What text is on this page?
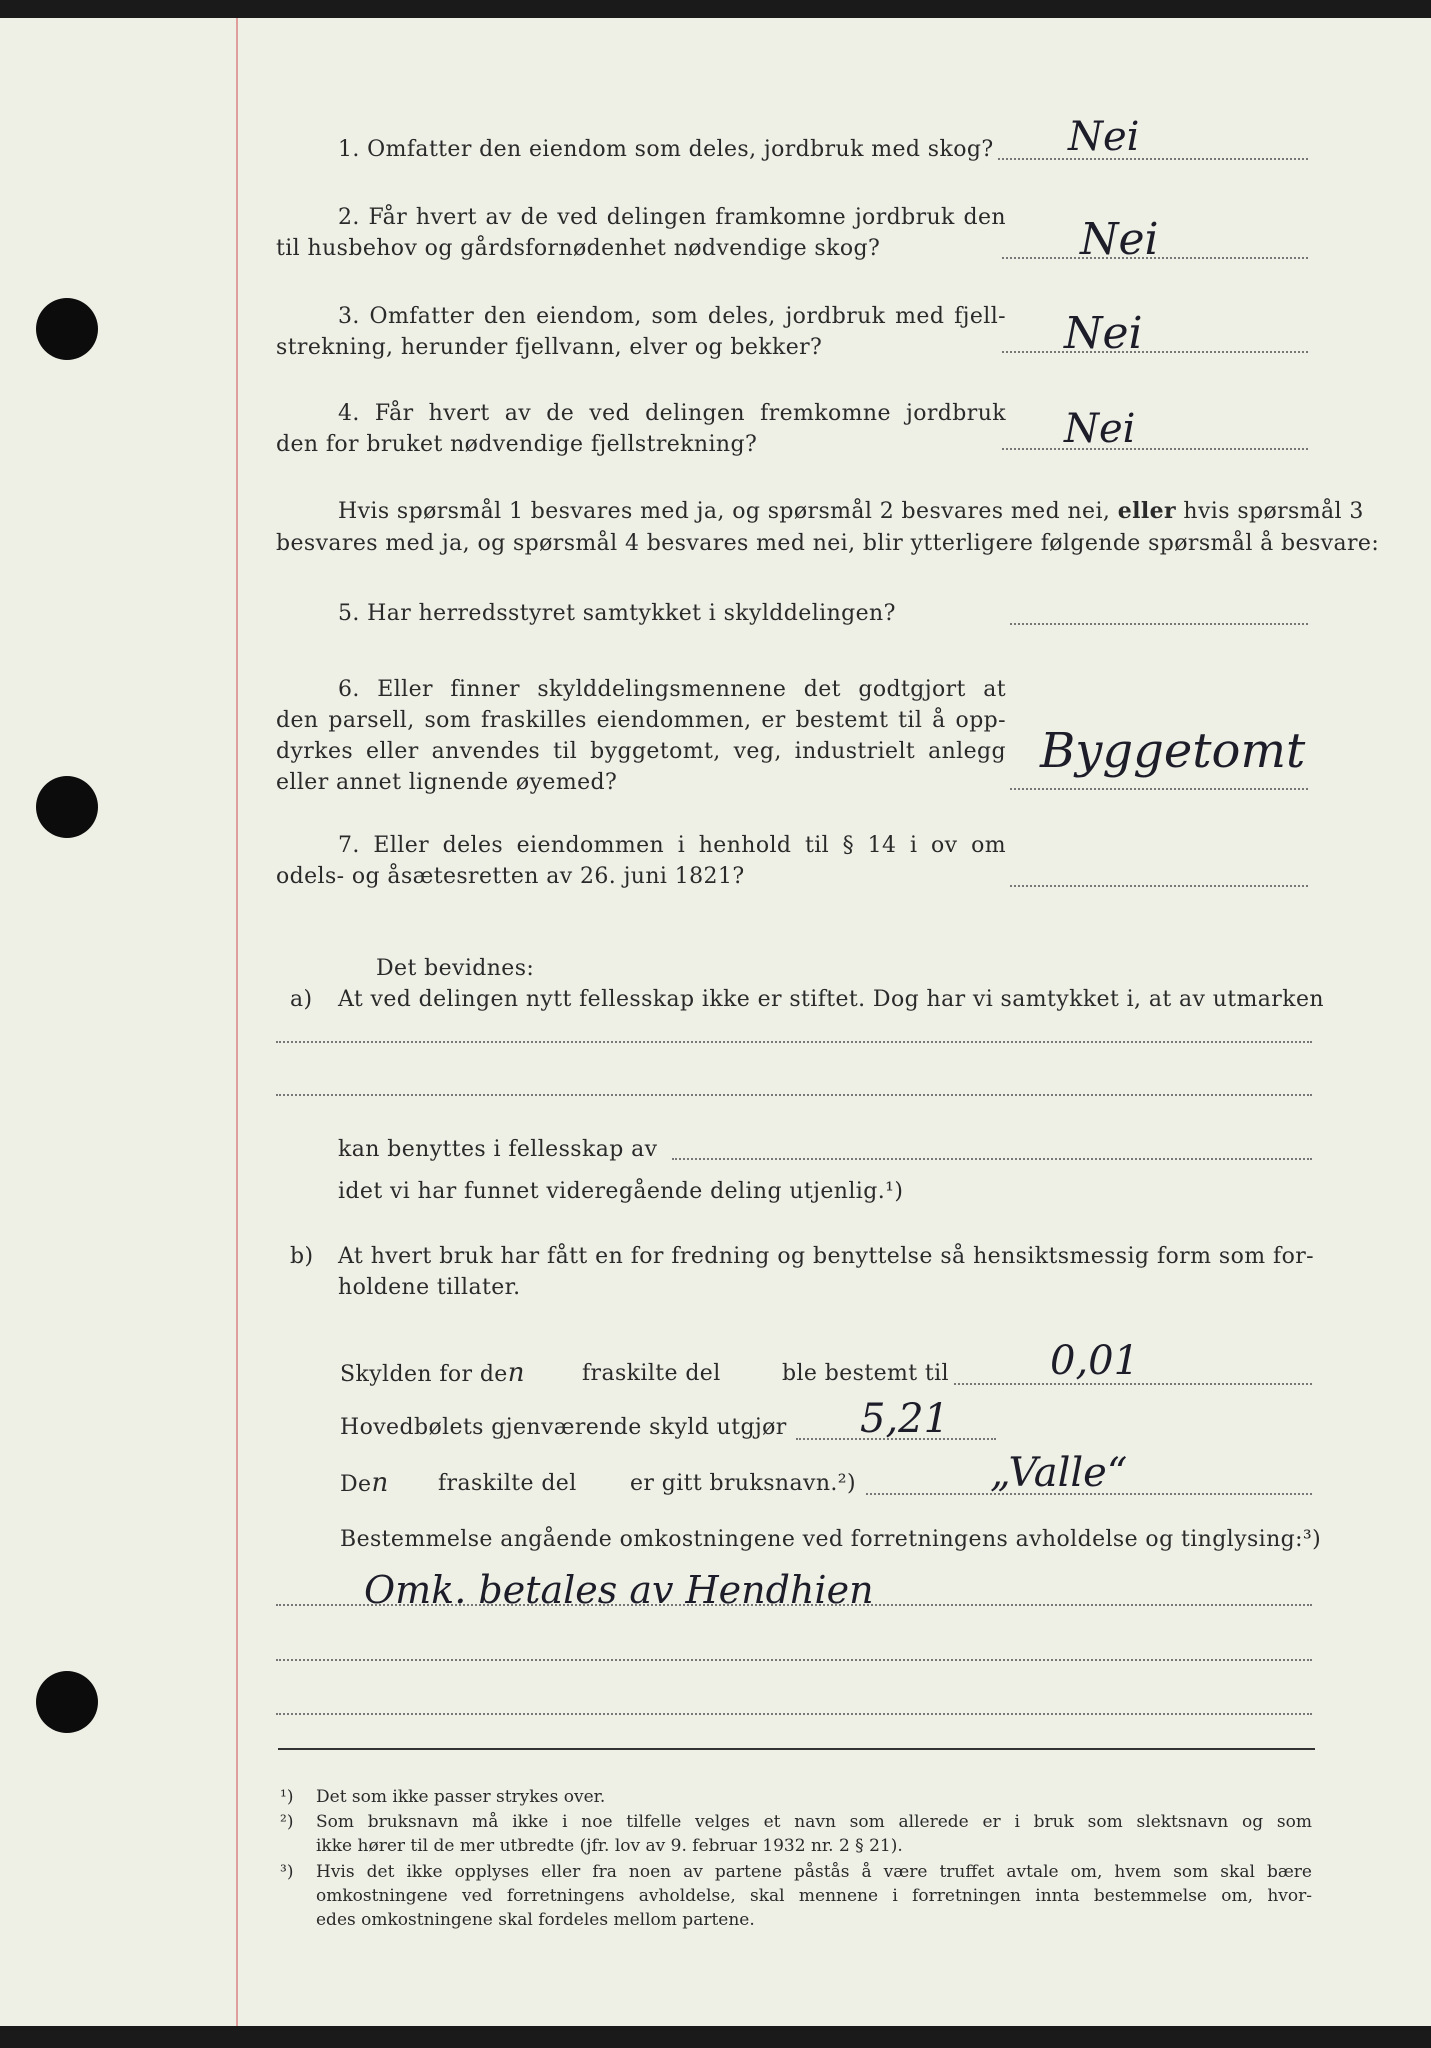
1. Omfatter den eiendom som deles, jordbruk med skog? Nei
2. Får hvert av de ved delingen framkomne jordbruk den
til husbehov og gårdsfornødenhet nødvendige skog?	Nei
3. Omfatter den eiendom, som deles, jordbruk med fjell-
strekning, herunder fjellvann, elver og bekker?	Nei
4. Får hvert av de ved delingen fremkomne jordbruk
den for bruket nødvendige fjellstrekning?	Nei
Hvis spørsmål 1 besvares med ja, og spørsmål 2 besvares med nei, eller hvis spørsmål 3
besvares med ja, og spørsmål 4 besvares med nei, blir ytterligere følgende spørsmål å besvare:
5. Har herredsstyret samtykket i skylddelingen?
6. Eller finner skylddelingsmennene det godtgjort at
den parsell, som fraskilles eiendommen, er bestemt til å opp-
dyrkes eller anvendes til byggetomt, veg, industrielt anlegg
eller annet lignende øyemed?
Byggetomt
7. Eller deles eiendommen i henhold til § 14 i ov om
odels- og åsætesretten av 26. juni 1821?
Det bevidnes:
a) At ved delingen nytt fellesskap ikke er stiftet. Dog har vi samtykket i, at av utmarken
kan benyttes i fellesskap av
idet vi har funnet videregående deling utjenlig.¹)
b) At hvert bruk har fått en for fredning og benyttelse så hensiktsmessig form som for-
holdene tillater.
Skylden for den	fraskilte del	ble bestemt til	0,01
Hovedbølets gjenværende skyld utgjør 5,21
Den fraskilte del er gitt bruksnavn.²)	„Valle“
Bestemmelse angående omkostningene ved forretningens avholdelse og tinglysing:³)
Omk. betales av Hendhien
¹) Det som ikke passer strykes over.
²) Som bruksnavn må ikke i noe tilfelle velges et navn som allerede er i bruk som slektsnavn og som
ikke hører til de mer utbredte (jfr. lov av 9. februar 1932 nr. 2 § 21).
³) Hvis det ikke opplyses eller fra noen av partene påstås å være truffet avtale om, hvem som skal bære
omkostningene ved forretningens avholdelse, skal mennene i forretningen innta bestemmelse om, hvor-
edes omkostningene skal fordeles mellom partene.
